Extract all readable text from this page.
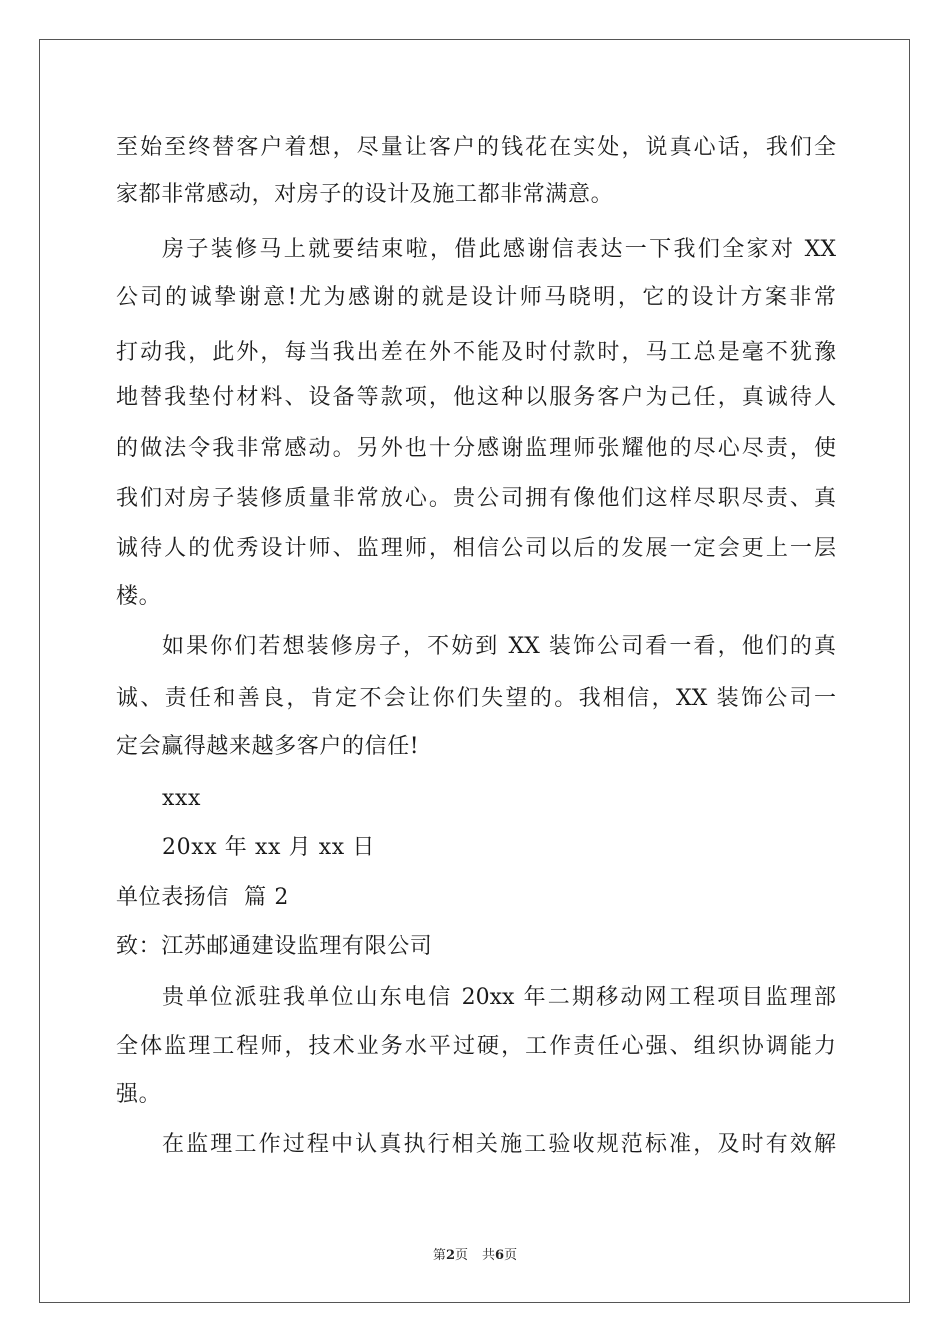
至始至终替客户着想，尽量让客户的钱花在实处，说真心话，我们全
家都非常感动，对房子的设计及施工都非常满意。
房子装修马上就要结束啦，借此感谢信表达一下我们全家对 XX
公司的诚挚谢意!尤为感谢的就是设计师马晓明，它的设计方案非常
打动我，此外，每当我出差在外不能及时付款时，马工总是毫不犹豫
地替我垫付材料、设备等款项，他这种以服务客户为己任，真诚待人
的做法令我非常感动。另外也十分感谢监理师张耀他的尽心尽责，使
我们对房子装修质量非常放心。贵公司拥有像他们这样尽职尽责、真
诚待人的优秀设计师、监理师，相信公司以后的发展一定会更上一层
楼。
如果你们若想装修房子，不妨到 XX 装饰公司看一看，他们的真
诚、责任和善良，肯定不会让你们失望的。我相信，XX 装饰公司一
定会赢得越来越多客户的信任!
xxx
20xx 年 xx 月 xx 日
单位表扬信  篇 2
致：江苏邮通建设监理有限公司
贵单位派驻我单位山东电信 20xx 年二期移动网工程项目监理部
全体监理工程师，技术业务水平过硬，工作责任心强、组织协调能力
强。
在监理工作过程中认真执行相关施工验收规范标准，及时有效解
第2页 共6页
